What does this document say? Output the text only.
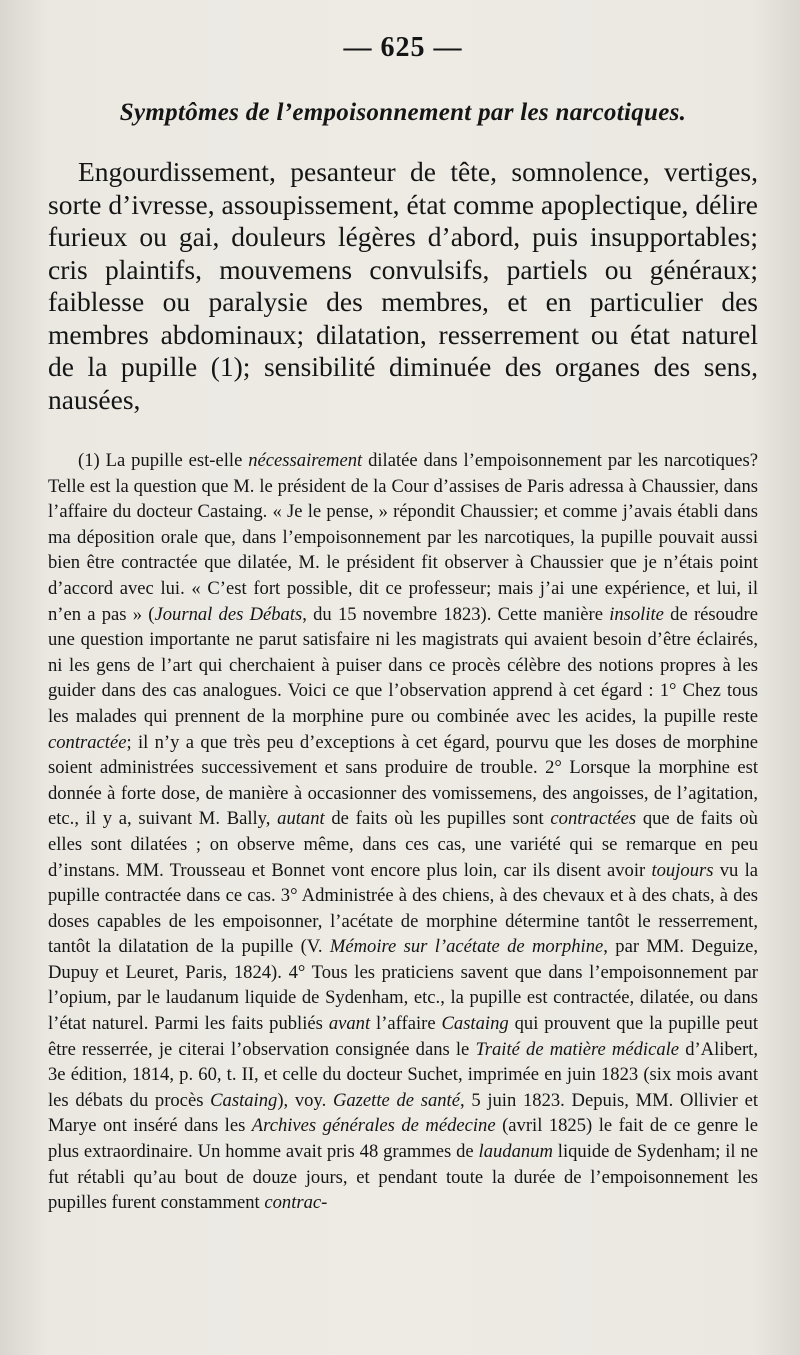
— 625 —
Symptômes de l’empoisonnement par les narcotiques.

Engourdissement, pesanteur de tête, somnolence, vertiges, sorte d’ivresse, assoupissement, état comme apoplectique, délire furieux ou gai, douleurs légères d’abord, puis insupportables; cris plaintifs, mouvemens convulsifs, partiels ou généraux; faiblesse ou paralysie des membres, et en particulier des membres abdominaux; dilatation, resserrement ou état naturel de la pupille (1); sensibilité diminuée des organes des sens, nausées,

(1) La pupille est-elle nécessairement dilatée dans l’empoisonnement par les narcotiques? Telle est la question que M. le président de la Cour d’assises de Paris adressa à Chaussier, dans l’affaire du docteur Castaing. « Je le pense, » répondit Chaussier; et comme j’avais établi dans ma déposition orale que, dans l’empoisonnement par les narcotiques, la pupille pouvait aussi bien être contractée que dilatée, M. le président fit observer à Chaussier que je n’étais point d’accord avec lui. « C’est fort possible, dit ce professeur; mais j’ai une expérience, et lui, il n’en a pas » (Journal des Débats, du 15 novembre 1823). Cette manière insolite de résoudre une question importante ne parut satisfaire ni les magistrats qui avaient besoin d’être éclairés, ni les gens de l’art qui cherchaient à puiser dans ce procès célèbre des notions propres à les guider dans des cas analogues. Voici ce que l’observation apprend à cet égard : 1° Chez tous les malades qui prennent de la morphine pure ou combinée avec les acides, la pupille reste contractée; il n’y a que très peu d’exceptions à cet égard, pourvu que les doses de morphine soient administrées successivement et sans produire de trouble. 2° Lorsque la morphine est donnée à forte dose, de manière à occasionner des vomissemens, des angoisses, de l’agitation, etc., il y a, suivant M. Bally, autant de faits où les pupilles sont contractées que de faits où elles sont dilatées ; on observe même, dans ces cas, une variété qui se remarque en peu d’instans. MM. Trousseau et Bonnet vont encore plus loin, car ils disent avoir toujours vu la pupille contractée dans ce cas. 3° Administrée à des chiens, à des chevaux et à des chats, à des doses capables de les empoisonner, l’acétate de morphine détermine tantôt le resserrement, tantôt la dilatation de la pupille (V. Mémoire sur l’acétate de morphine, par MM. Deguize, Dupuy et Leuret, Paris, 1824). 4° Tous les praticiens savent que dans l’empoisonnement par l’opium, par le laudanum liquide de Sydenham, etc., la pupille est contractée, dilatée, ou dans l’état naturel. Parmi les faits publiés avant l’affaire Castaing qui prouvent que la pupille peut être resserrée, je citerai l’observation consignée dans le Traité de matière médicale d’Alibert, 3e édition, 1814, p. 60, t. II, et celle du docteur Suchet, imprimée en juin 1823 (six mois avant les débats du procès Castaing), voy. Gazette de santé, 5 juin 1823. Depuis, MM. Ollivier et Marye ont inséré dans les Archives générales de médecine (avril 1825) le fait de ce genre le plus extraordinaire. Un homme avait pris 48 grammes de laudanum liquide de Sydenham; il ne fut rétabli qu’au bout de douze jours, et pendant toute la durée de l’empoisonnement les pupilles furent constamment contrac-
